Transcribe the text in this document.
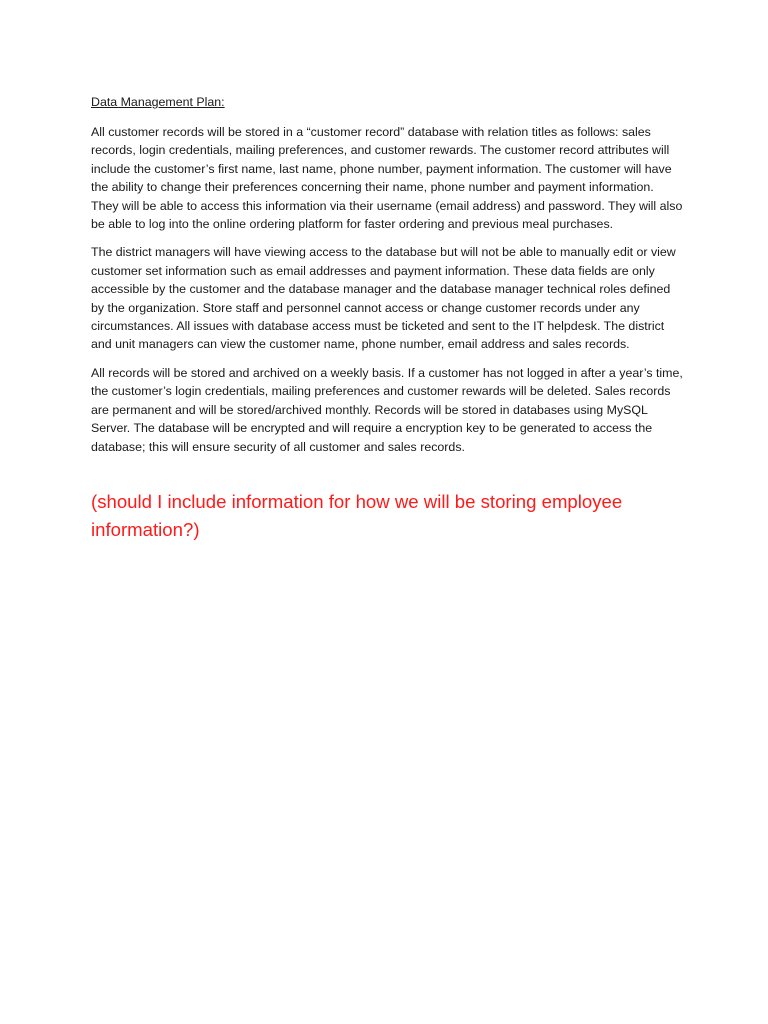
Data Management Plan:

All customer records will be stored in a “customer record” database with relation titles as follows: sales records, login credentials, mailing preferences, and customer rewards. The customer record attributes will include the customer’s first name, last name, phone number, payment information. The customer will have the ability to change their preferences concerning their name, phone number and payment information. They will be able to access this information via their username (email address) and password. They will also be able to log into the online ordering platform for faster ordering and previous meal purchases.

The district managers will have viewing access to the database but will not be able to manually edit or view customer set information such as email addresses and payment information. These data fields are only accessible by the customer and the database manager and the database manager technical roles defined by the organization. Store staff and personnel cannot access or change customer records under any circumstances. All issues with database access must be ticketed and sent to the IT helpdesk. The district and unit managers can view the customer name, phone number, email address and sales records.

All records will be stored and archived on a weekly basis. If a customer has not logged in after a year’s time, the customer’s login credentials, mailing preferences and customer rewards will be deleted. Sales records are permanent and will be stored/archived monthly. Records will be stored in databases using MySQL Server. The database will be encrypted and will require a encryption key to be generated to access the database; this will ensure security of all customer and sales records.

(should I include information for how we will be storing employee information?)
